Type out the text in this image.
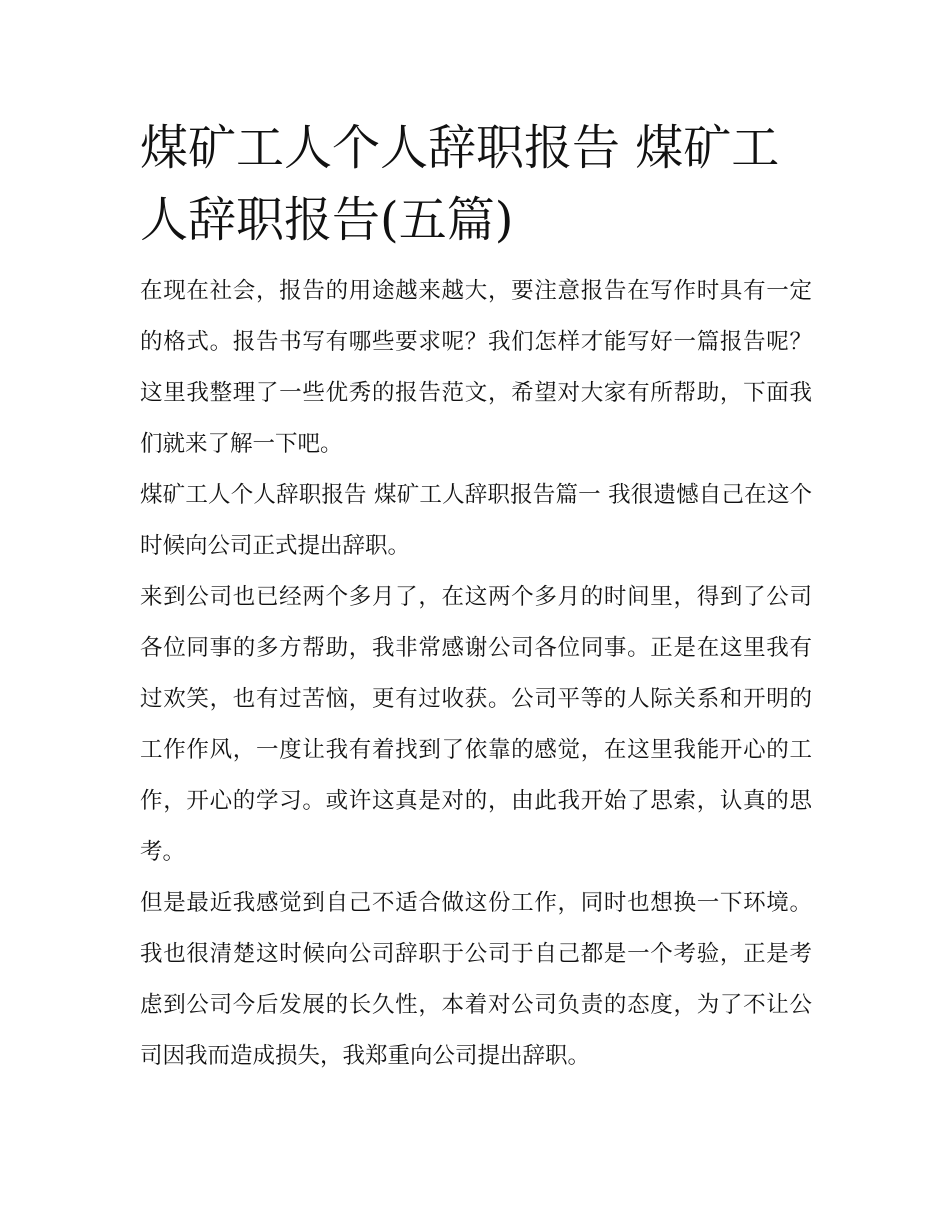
煤矿工人个人辞职报告 煤矿工人辞职报告(五篇)

在现在社会，报告的用途越来越大，要注意报告在写作时具有一定的格式。报告书写有哪些要求呢？我们怎样才能写好一篇报告呢？这里我整理了一些优秀的报告范文，希望对大家有所帮助，下面我们就来了解一下吧。

煤矿工人个人辞职报告 煤矿工人辞职报告篇一 我很遗憾自己在这个时候向公司正式提出辞职。

来到公司也已经两个多月了，在这两个多月的时间里，得到了公司各位同事的多方帮助，我非常感谢公司各位同事。正是在这里我有过欢笑，也有过苦恼，更有过收获。公司平等的人际关系和开明的工作作风，一度让我有着找到了依靠的感觉，在这里我能开心的工作，开心的学习。或许这真是对的，由此我开始了思索，认真的思考。

但是最近我感觉到自己不适合做这份工作，同时也想换一下环境。我也很清楚这时候向公司辞职于公司于自己都是一个考验，正是考虑到公司今后发展的长久性，本着对公司负责的态度，为了不让公司因我而造成损失，我郑重向公司提出辞职。
